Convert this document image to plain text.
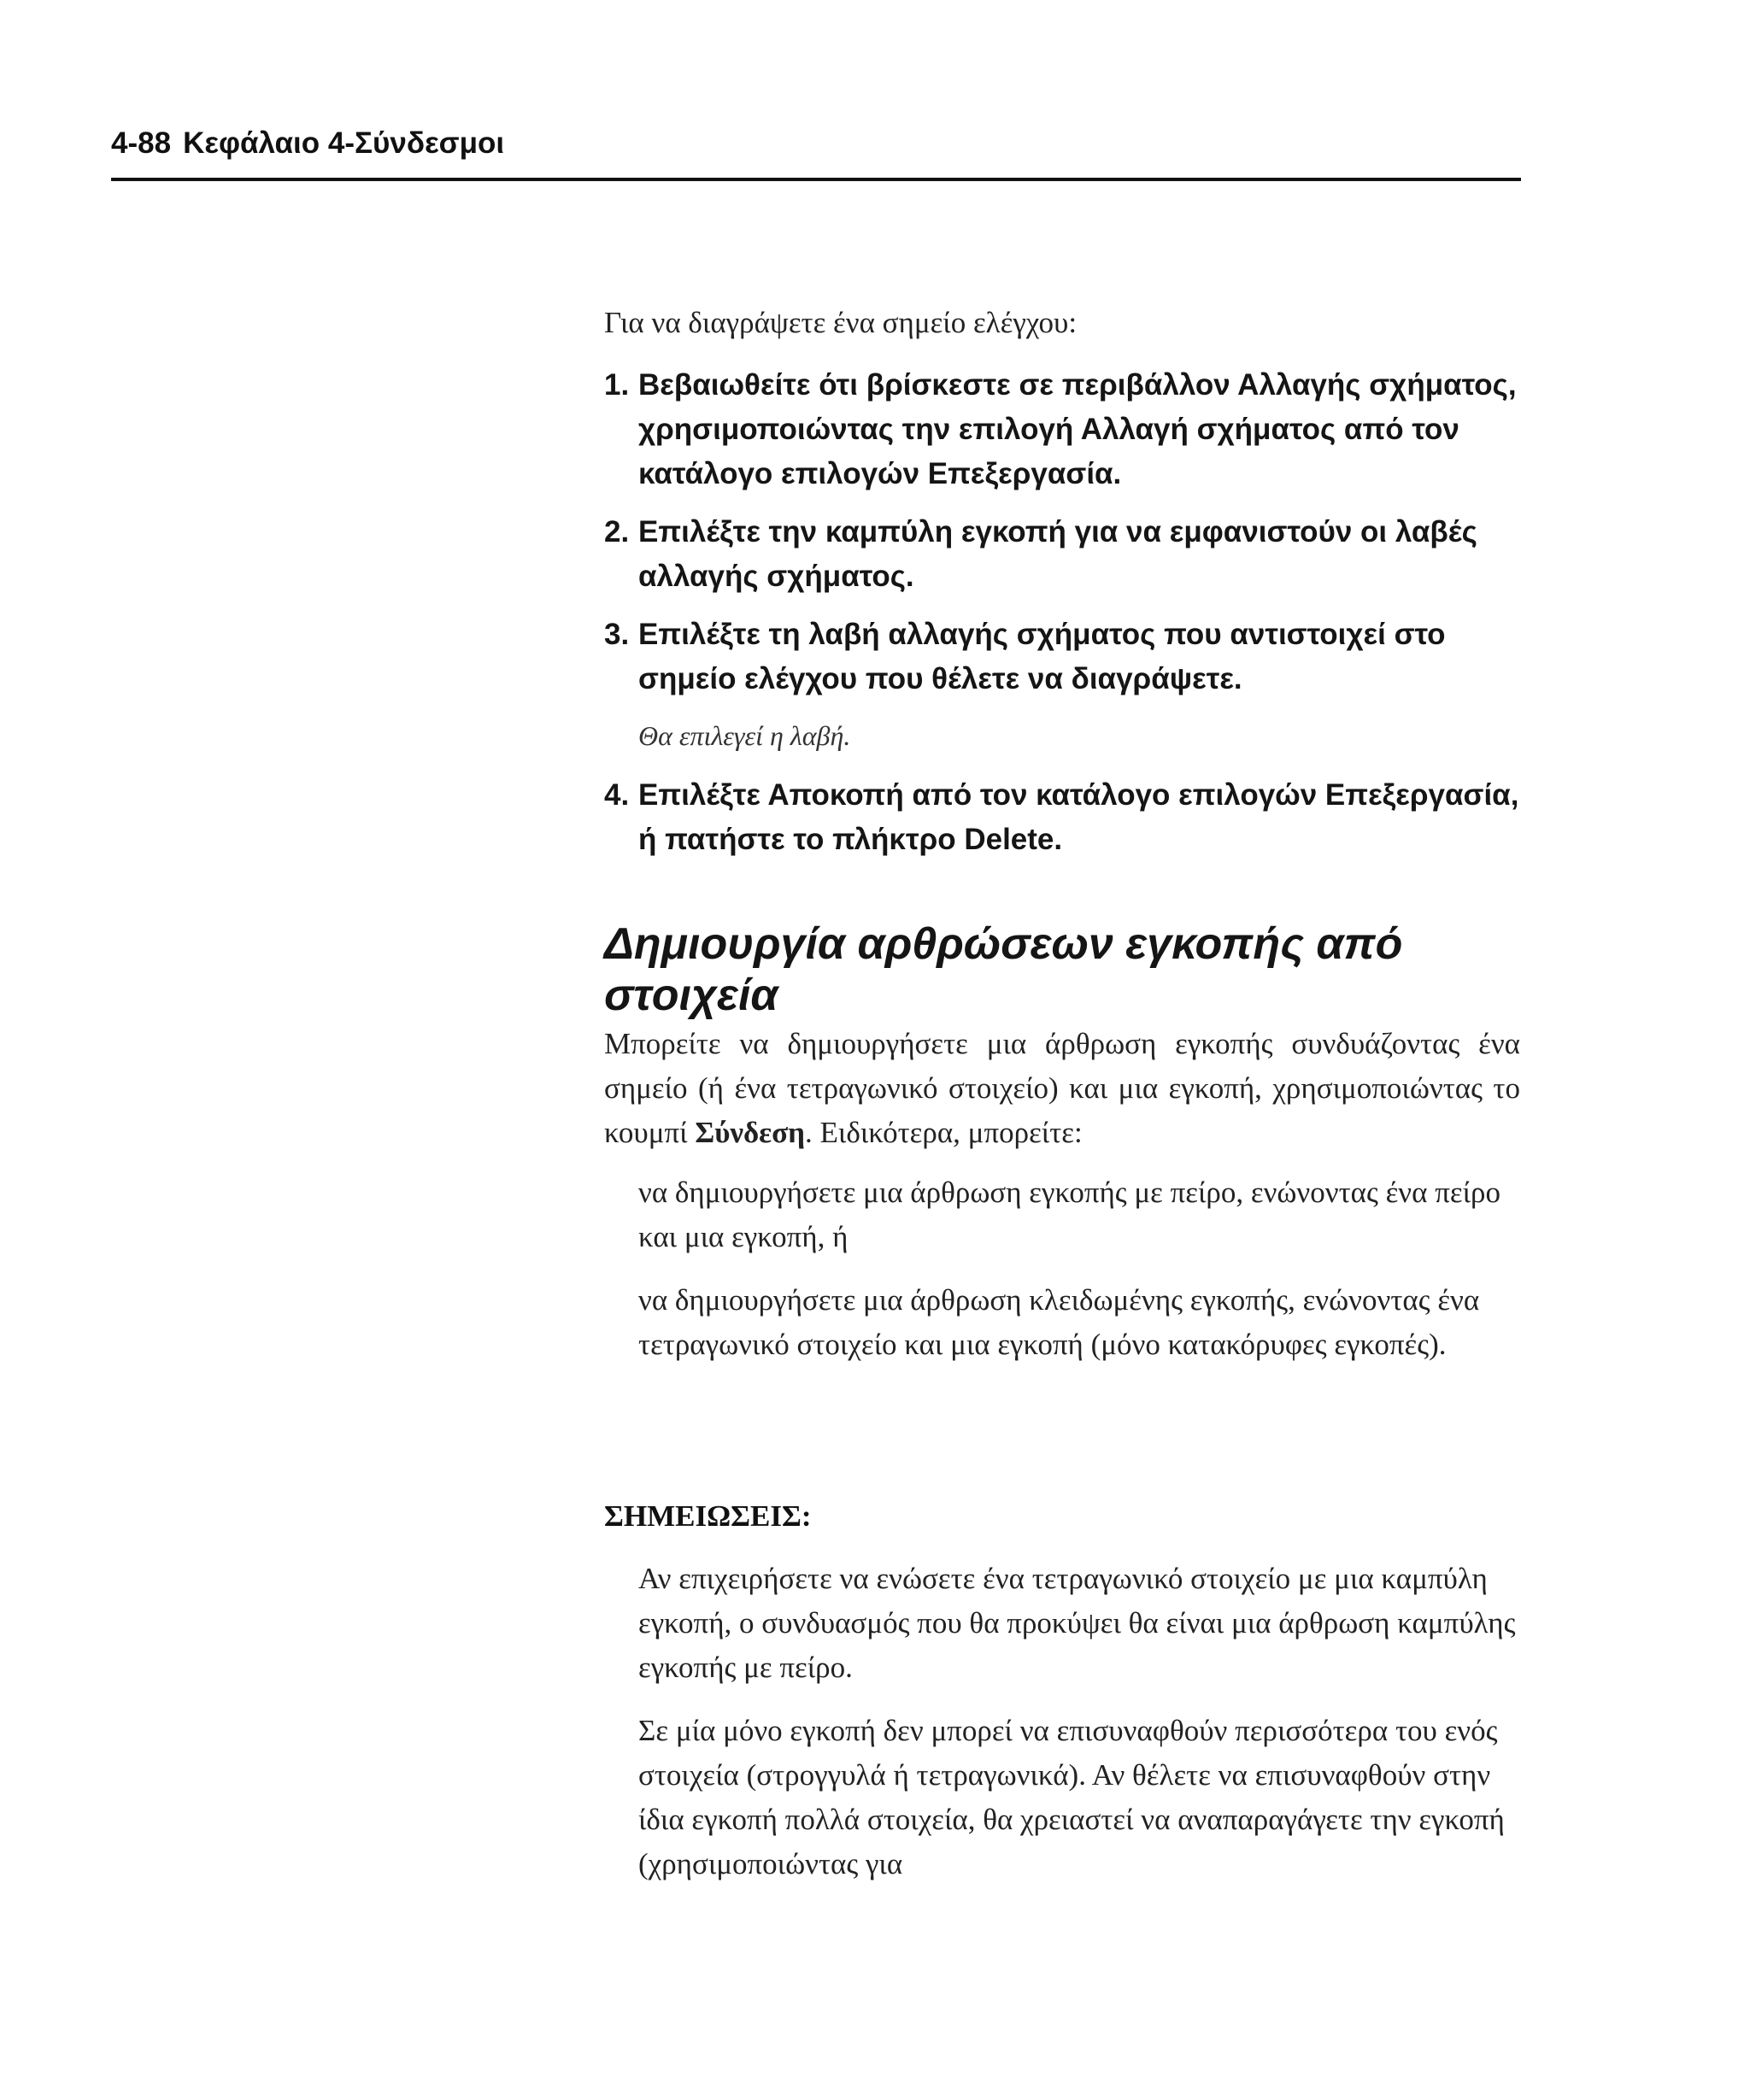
4-88 Κεφάλαιο 4-Σύνδεσμοι
Για να διαγράψετε ένα σημείο ελέγχου:
1. Βεβαιωθείτε ότι βρίσκεστε σε περιβάλλον Αλλαγής σχήματος, χρησιμοποιώντας την επιλογή Αλλαγή σχήματος από τον κατάλογο επιλογών Επεξεργασία.
2. Επιλέξτε την καμπύλη εγκοπή για να εμφανιστούν οι λαβές αλλαγής σχήματος.
3. Επιλέξτε τη λαβή αλλαγής σχήματος που αντιστοιχεί στο σημείο ελέγχου που θέλετε να διαγράψετε.
Θα επιλεγεί η λαβή.
4. Επιλέξτε Αποκοπή από τον κατάλογο επιλογών Επεξεργασία, ή πατήστε το πλήκτρο Delete.
Δημιουργία αρθρώσεων εγκοπής από στοιχεία
Μπορείτε να δημιουργήσετε μια άρθρωση εγκοπής συνδυάζοντας ένα σημείο (ή ένα τετραγωνικό στοιχείο) και μια εγκοπή, χρησιμοποιώντας το κουμπί Σύνδεση. Ειδικότερα, μπορείτε:
να δημιουργήσετε μια άρθρωση εγκοπής με πείρο, ενώνοντας ένα πείρο και μια εγκοπή, ή
να δημιουργήσετε μια άρθρωση κλειδωμένης εγκοπής, ενώνοντας ένα τετραγωνικό στοιχείο και μια εγκοπή (μόνο κατακόρυφες εγκοπές).
ΣΗΜΕΙΩΣΕΙΣ:
Αν επιχειρήσετε να ενώσετε ένα τετραγωνικό στοιχείο με μια καμπύλη εγκοπή, ο συνδυασμός που θα προκύψει θα είναι μια άρθρωση καμπύλης εγκοπής με πείρο.
Σε μία μόνο εγκοπή δεν μπορεί να επισυναφθούν περισσότερα του ενός στοιχεία (στρογγυλά ή τετραγωνικά). Αν θέλετε να επισυναφθούν στην ίδια εγκοπή πολλά στοιχεία, θα χρειαστεί να αναπαραγάγετε την εγκοπή (χρησιμοποιώντας για
